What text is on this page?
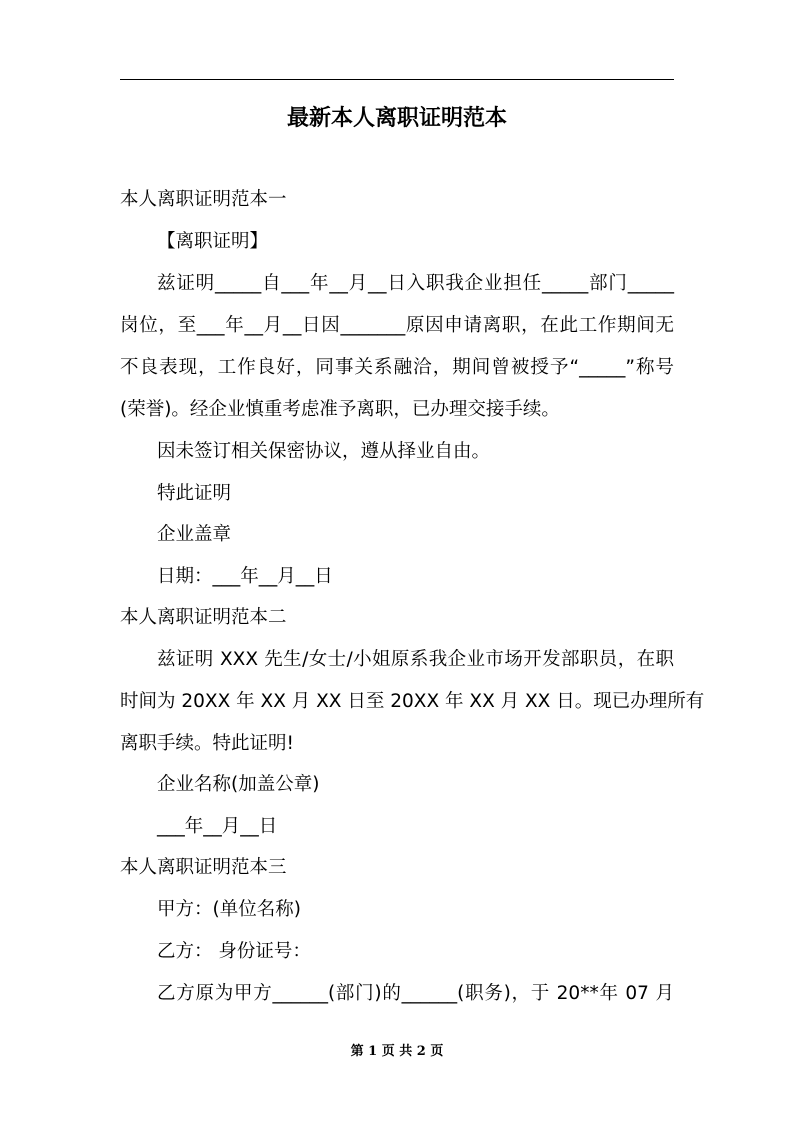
最新本人离职证明范本
本人离职证明范本一
【离职证明】
兹证明_____自___年__月__日入职我企业担任_____部门_____
岗位，至___年__月__日因_______原因申请离职，在此工作期间无
不良表现，工作良好，同事关系融洽，期间曾被授予“_____”称号
(荣誉)。经企业慎重考虑准予离职，已办理交接手续。
因未签订相关保密协议，遵从择业自由。
特此证明
企业盖章
日期：___年__月__日
本人离职证明范本二
兹证明 XXX 先生/女士/小姐原系我企业市场开发部职员，在职
时间为 20XX 年 XX 月 XX 日至 20XX 年 XX 月 XX 日。现已办理所有
离职手续。特此证明!
企业名称(加盖公章)
___年__月__日
本人离职证明范本三
甲方：(单位名称)
乙方： 身份证号：
乙方原为甲方______(部门)的______(职务)，于 20**年 07 月
第 1 页 共 2 页
